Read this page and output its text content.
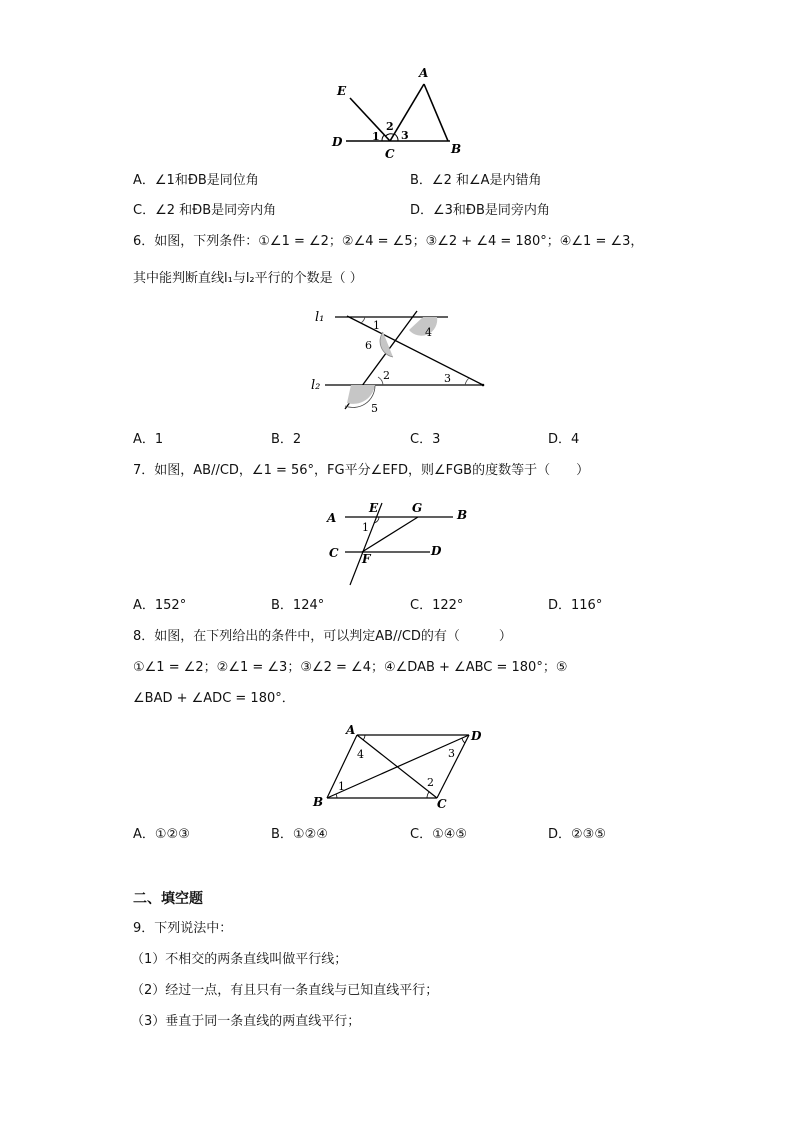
E
A
D
C	B
1
2
3
A．∠1和ÐB是同位角	B．∠2 和∠A是内错角
C．∠2 和ÐB是同旁内角	D．∠3和ÐB是同旁内角
6．如图，下列条件：①∠1 = ∠2；②∠4 = ∠5；③∠2 + ∠4 = 180°；④∠1 = ∠3，
其中能判断直线l₁与l₂平行的个数是（ ）
l₁
l₂
1
4
6
2	3
5
A．1	B．2	C．3	D．4
7．如图，AB//CD，∠1 = 56°，FG平分∠EFD，则∠FGB的度数等于（　　）
A
E	G	B
C	D
F
1
A．152°	B．124°	C．122°	D．116°
8．如图，在下列给出的条件中，可以判定AB//CD的有（　　　）
①∠1 = ∠2；②∠1 = ∠3；③∠2 = ∠4；④∠DAB + ∠ABC = 180°；⑤
∠BAD + ∠ADC = 180°．
A	D
B	C
4	3
1	2
A．①②③	B．①②④	C．①④⑤	D．②③⑤
二、填空题
9．下列说法中：
（1）不相交的两条直线叫做平行线；
（2）经过一点，有且只有一条直线与已知直线平行；
（3）垂直于同一条直线的两直线平行；
